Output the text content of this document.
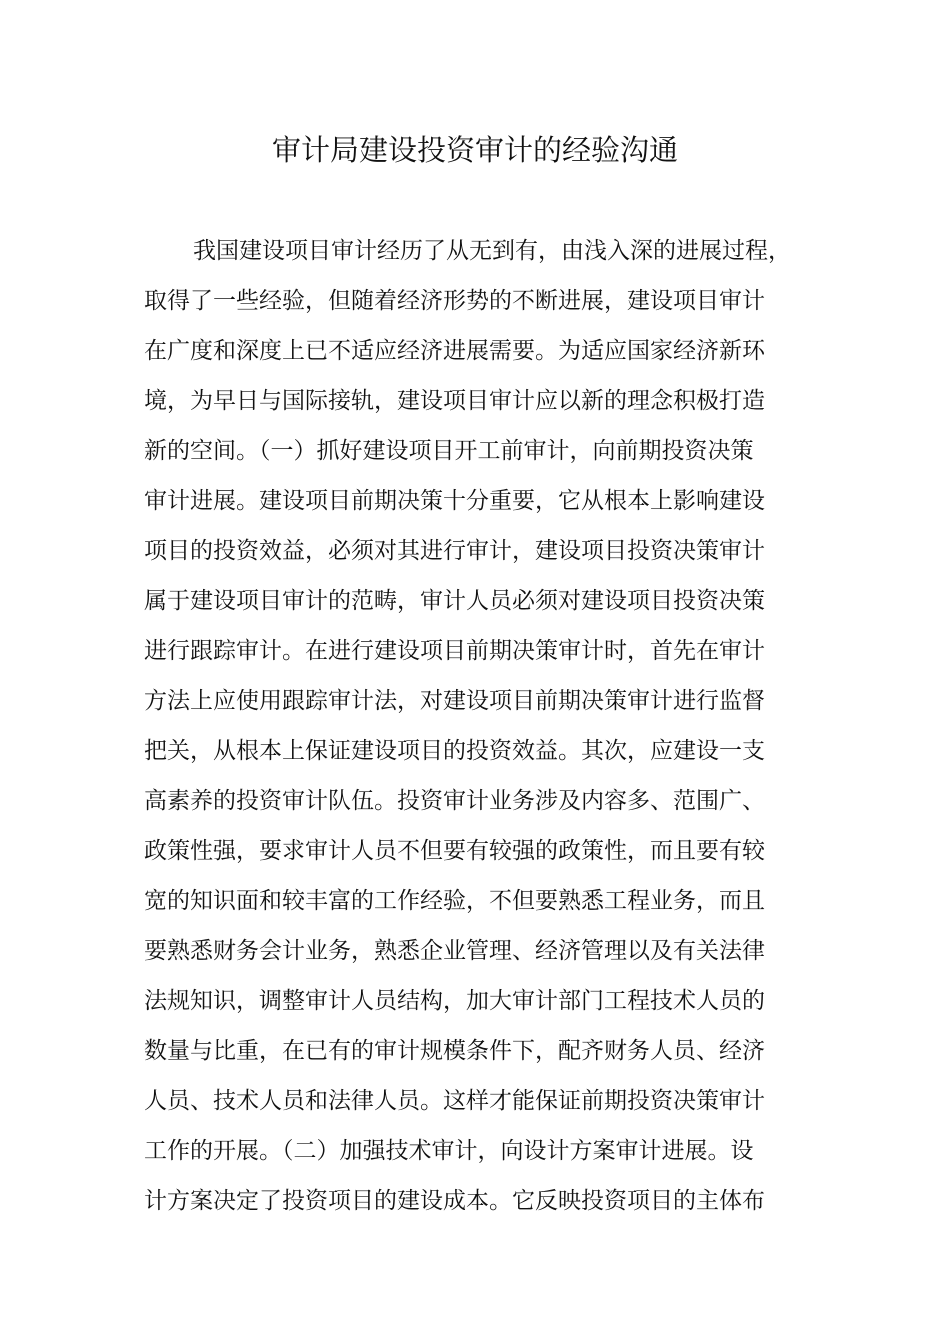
审计局建设投资审计的经验沟通
我国建设项目审计经历了从无到有，由浅入深的进展过程，
取得了一些经验，但随着经济形势的不断进展，建设项目审计
在广度和深度上已不适应经济进展需要。为适应国家经济新环
境，为早日与国际接轨，建设项目审计应以新的理念积极打造
新的空间。（一）抓好建设项目开工前审计，向前期投资决策
审计进展。建设项目前期决策十分重要，它从根本上影响建设
项目的投资效益，必须对其进行审计，建设项目投资决策审计
属于建设项目审计的范畴，审计人员必须对建设项目投资决策
进行跟踪审计。在进行建设项目前期决策审计时，首先在审计
方法上应使用跟踪审计法，对建设项目前期决策审计进行监督
把关，从根本上保证建设项目的投资效益。其次，应建设一支
高素养的投资审计队伍。投资审计业务涉及内容多、范围广、
政策性强，要求审计人员不但要有较强的政策性，而且要有较
宽的知识面和较丰富的工作经验，不但要熟悉工程业务，而且
要熟悉财务会计业务，熟悉企业管理、经济管理以及有关法律
法规知识，调整审计人员结构，加大审计部门工程技术人员的
数量与比重，在已有的审计规模条件下，配齐财务人员、经济
人员、技术人员和法律人员。这样才能保证前期投资决策审计
工作的开展。（二）加强技术审计，向设计方案审计进展。设
计方案决定了投资项目的建设成本。它反映投资项目的主体布
